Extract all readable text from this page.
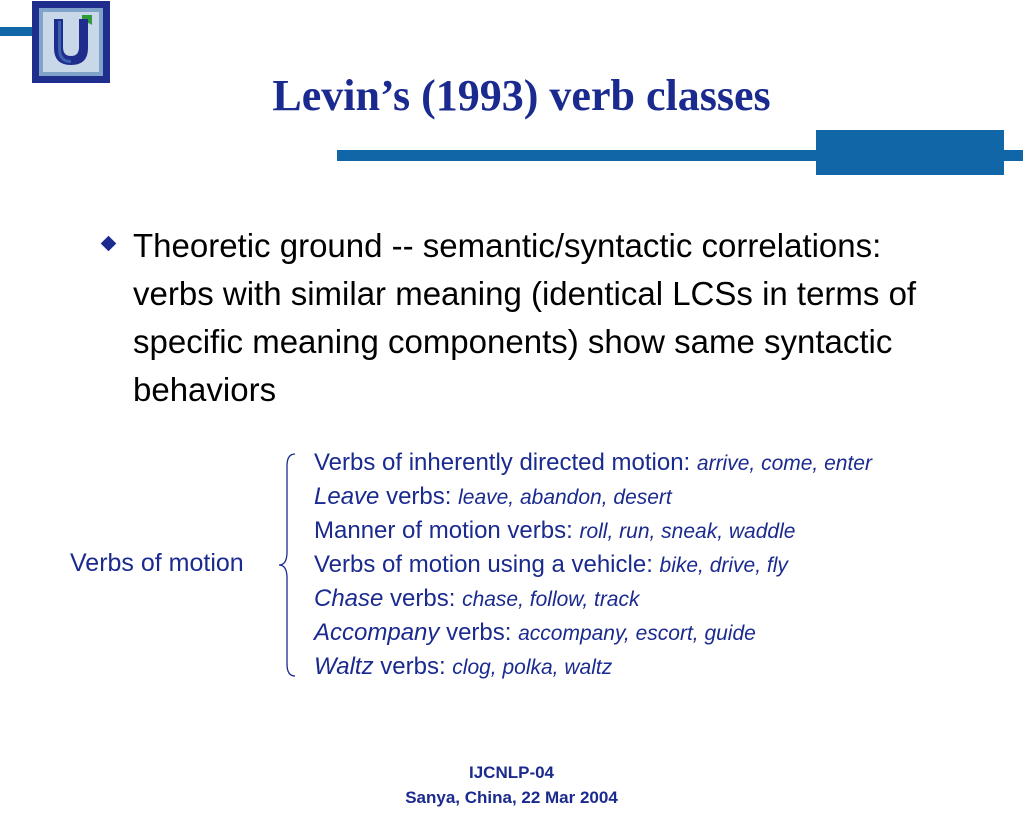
Levin’s (1993) verb classes

Theoretic ground -- semantic/syntactic correlations: verbs with similar meaning (identical LCSs in terms of specific meaning components) show same syntactic behaviors

Verbs of motion
Verbs of inherently directed motion: arrive, come, enter
Leave verbs: leave, abandon, desert
Manner of motion verbs: roll, run, sneak, waddle
Verbs of motion using a vehicle: bike, drive, fly
Chase verbs: chase, follow, track
Accompany verbs: accompany, escort, guide
Waltz verbs: clog, polka, waltz
IJCNLP-04
Sanya, China, 22 Mar 2004
